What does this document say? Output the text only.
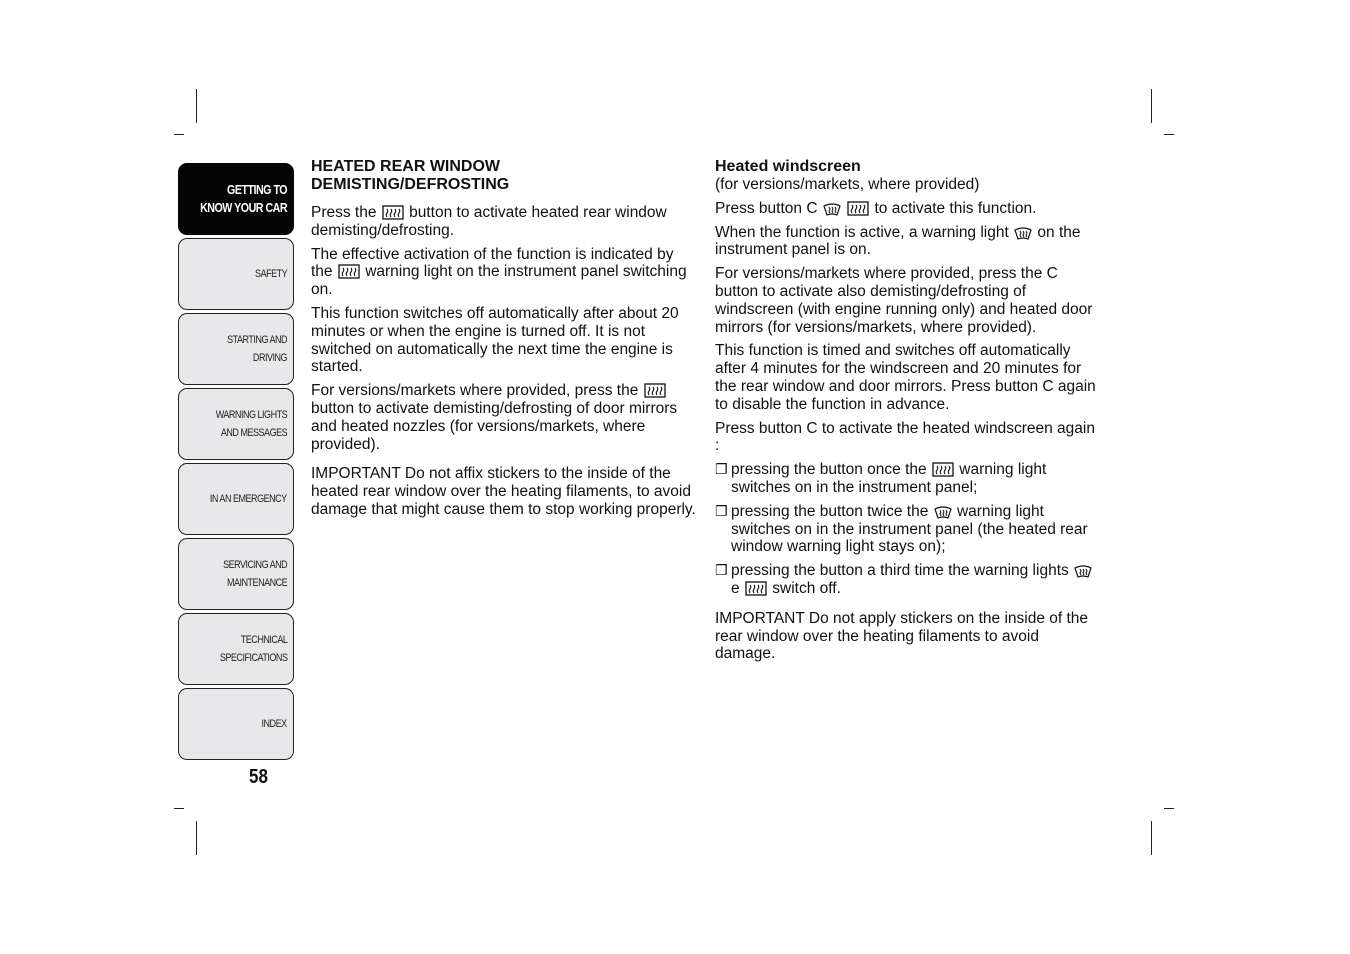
GETTING TO
KNOW YOUR CAR
SAFETY
STARTING AND
DRIVING
WARNING LIGHTS
AND MESSAGES
IN AN EMERGENCY
SERVICING AND
MAINTENANCE
TECHNICAL
SPECIFICATIONS
INDEX
58
HEATED REAR WINDOW DEMISTING/DEFROSTING

Press the button to activate heated rear window demisting/defrosting.

The effective activation of the function is indicated by the warning light on the instrument panel switching on.

This function switches off automatically after about 20 minutes or when the engine is turned off. It is not switched on automatically the next time the engine is started.

For versions/markets where provided, press the  button to activate demisting/defrosting of door mirrors and heated nozzles (for versions/markets, where provided).

IMPORTANT Do not affix stickers to the inside of the heated rear window over the heating filaments, to avoid damage that might cause them to stop working properly.

Heated windscreen

(for versions/markets, where provided)

Press button C	to activate this function.

When the function is active, a warning light on the instrument panel is on.

For versions/markets where provided, press the C button to activate also demisting/defrosting of windscreen (with engine running only) and heated door mirrors (for versions/markets, where provided).

This function is timed and switches off automatically after 4 minutes for the windscreen and 20 minutes for the rear window and door mirrors. Press button C again to disable the function in advance.

Press button C to activate the heated windscreen again :

❒ pressing the button once the warning light switches on in the instrument panel;
❒ pressing the button twice the warning light switches on in the instrument panel (the heated rear window warning light stays on);
❒ pressing the button a third time the warning lights  e switch off.

IMPORTANT Do not apply stickers on the inside of the rear window over the heating filaments to avoid damage.
